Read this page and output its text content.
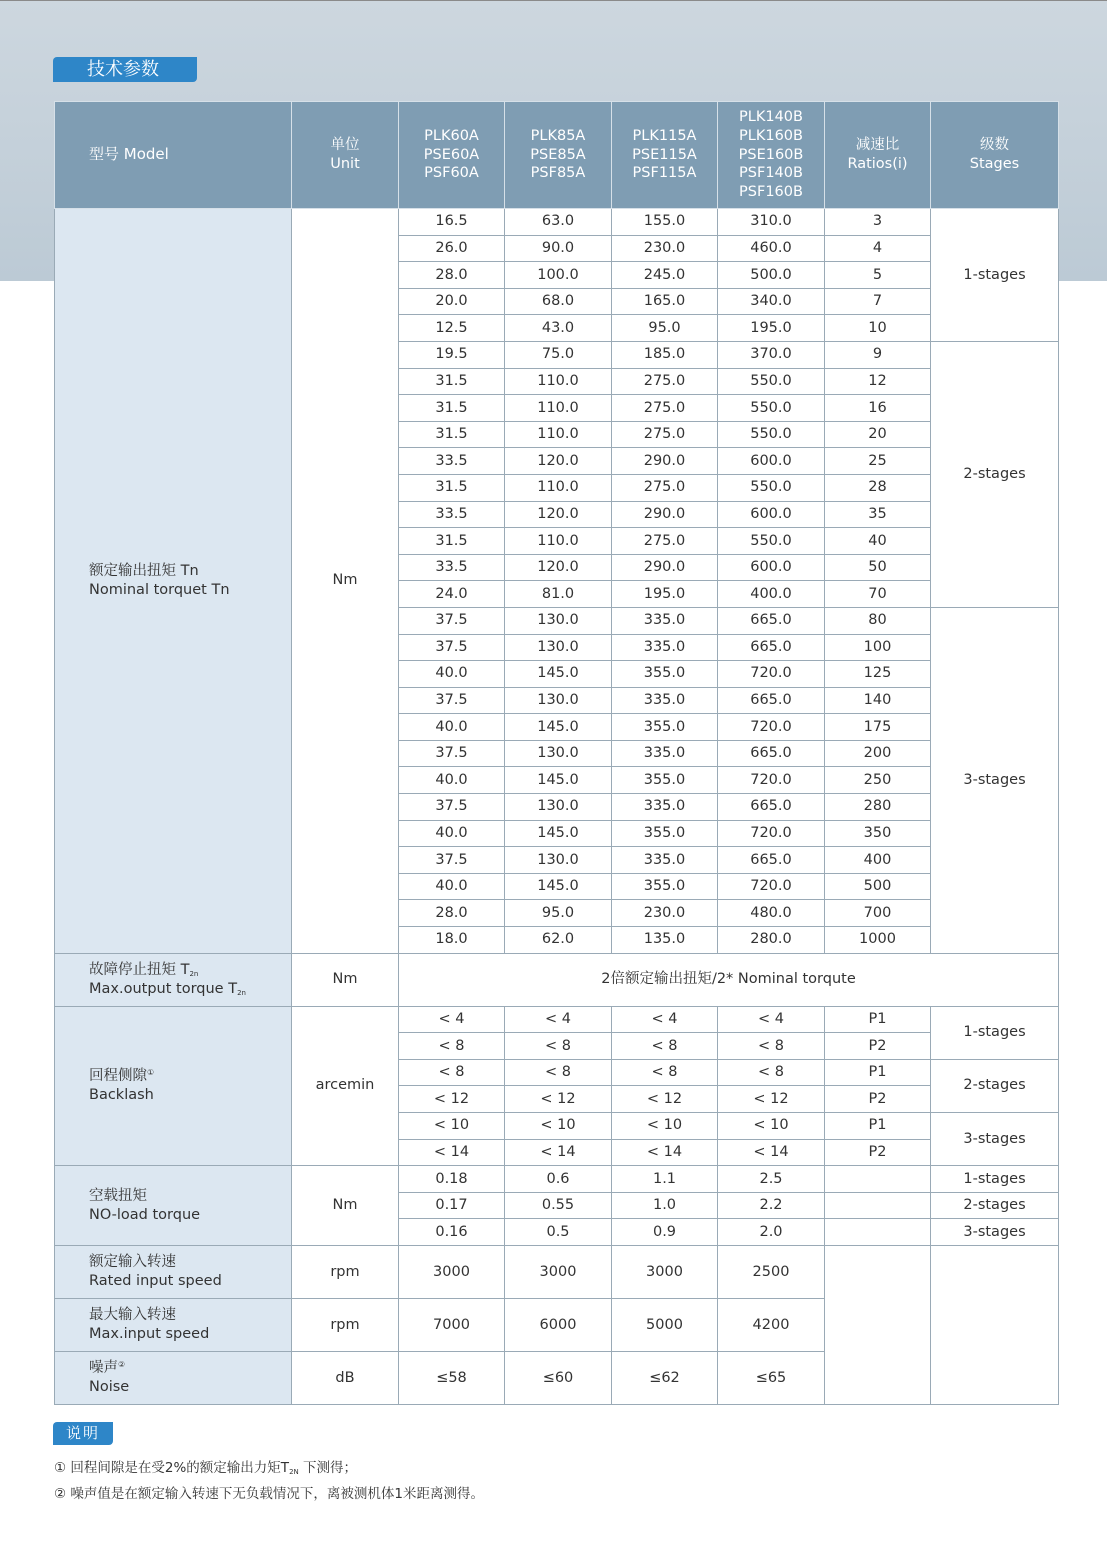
技术参数
型号 Model	单位
Unit	PLK60A
PSE60A
PSF60A	PLK85A
PSE85A
PSF85A	PLK115A
PSE115A
PSF115A	PLK140B
PLK160B
PSE160B
PSF140B
PSF160B	减速比
Ratios(i)	级数
Stages
额定输出扭矩 Tn
Nominal torquet Tn	Nm	16.5	63.0	155.0	310.0	3	1-stages
		26.0	90.0	230.0	460.0	4	
		28.0	100.0	245.0	500.0	5	
		20.0	68.0	165.0	340.0	7	
		12.5	43.0	95.0	195.0	10	
		19.5	75.0	185.0	370.0	9	2-stages
		31.5	110.0	275.0	550.0	12	
		31.5	110.0	275.0	550.0	16	
		31.5	110.0	275.0	550.0	20	
		33.5	120.0	290.0	600.0	25	
		31.5	110.0	275.0	550.0	28	
		33.5	120.0	290.0	600.0	35	
		31.5	110.0	275.0	550.0	40	
		33.5	120.0	290.0	600.0	50	
		24.0	81.0	195.0	400.0	70	
		37.5	130.0	335.0	665.0	80	3-stages
		37.5	130.0	335.0	665.0	100	
		40.0	145.0	355.0	720.0	125	
		37.5	130.0	335.0	665.0	140	
		40.0	145.0	355.0	720.0	175	
		37.5	130.0	335.0	665.0	200	
		40.0	145.0	355.0	720.0	250	
		37.5	130.0	335.0	665.0	280	
		40.0	145.0	355.0	720.0	350	
		37.5	130.0	335.0	665.0	400	
		40.0	145.0	355.0	720.0	500	
		28.0	95.0	230.0	480.0	700	
		18.0	62.0	135.0	280.0	1000	
故障停止扭矩 $T_{2n}$
Max.output torque $T_{2n}$	Nm	2倍额定输出扭矩/2* Nominal torqute					
回程侧隙①
Backlash	arcemin	< 4	< 4	< 4	< 4	P1	1-stages
		< 8	< 8	< 8	< 8	P2	
		< 8	< 8	< 8	< 8	P1	2-stages
		< 12	< 12	< 12	< 12	P2	
		< 10	< 10	< 10	< 10	P1	3-stages
		< 14	< 14	< 14	< 14	P2	
空载扭矩
NO-load torque	Nm	0.18	0.6	1.1	2.5		1-stages
		0.17	0.55	1.0	2.2		2-stages
		0.16	0.5	0.9	2.0		3-stages
额定输入转速
Rated input speed	rpm	3000	3000	3000	2500		
最大输入转速
Max.input speed	rpm	7000	6000	5000	4200		
噪声②
Noise	dB	≤58	≤60	≤62	≤65		
说明
① 回程间隙是在受2%的额定输出力矩$T_{2N}$ 下测得；
② 噪声值是在额定输入转速下无负载情况下，离被测机体1米距离测得。
